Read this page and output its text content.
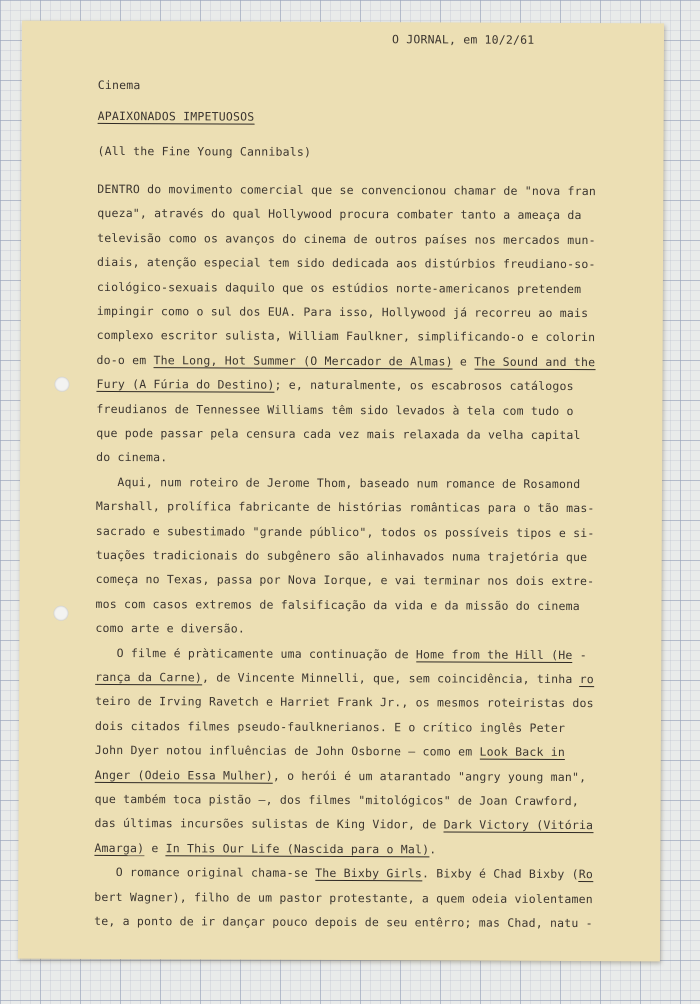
O JORNAL, em 10/2/61

Cinema

APAIXONADOS IMPETUOSOS

(All the Fine Young Cannibals)

DENTRO do movimento comercial que se convencionou chamar de "nova fran
queza", através do qual Hollywood procura combater tanto a ameaça da
televisão como os avanços do cinema de outros países nos mercados mun-
diais, atenção especial tem sido dedicada aos distúrbios freudiano-so-
ciológico-sexuais daquilo que os estúdios norte-americanos pretendem
impingir como o sul dos EUA. Para isso, Hollywood já recorreu ao mais
complexo escritor sulista, William Faulkner, simplificando-o e colorin
do-o em The Long, Hot Summer (O Mercador de Almas) e The Sound and the
Fury (A Fúria do Destino); e, naturalmente, os escabrosos catálogos
freudianos de Tennessee Williams têm sido levados à tela com tudo o
que pode passar pela censura cada vez mais relaxada da velha capital
do cinema.
Aqui, num roteiro de Jerome Thom, baseado num romance de Rosamond
Marshall, prolífica fabricante de histórias românticas para o tão mas-
sacrado e subestimado "grande público", todos os possíveis tipos e si-
tuações tradicionais do subgênero são alinhavados numa trajetória que
começa no Texas, passa por Nova Iorque, e vai terminar nos dois extre-
mos com casos extremos de falsificação da vida e da missão do cinema
como arte e diversão.
O filme é pràticamente uma continuação de Home from the Hill (He -
rança da Carne), de Vincente Minnelli, que, sem coincidência, tinha ro
teiro de Irving Ravetch e Harriet Frank Jr., os mesmos roteiristas dos
dois citados filmes pseudo-faulknerianos. E o crítico inglês Peter
John Dyer notou influências de John Osborne — como em Look Back in
Anger (Odeio Essa Mulher), o herói é um atarantado "angry young man",
que também toca pistão —, dos filmes "mitológicos" de Joan Crawford,
das últimas incursões sulistas de King Vidor, de Dark Victory (Vitória
Amarga) e In This Our Life (Nascida para o Mal).
O romance original chama-se The Bixby Girls. Bixby é Chad Bixby (Ro
bert Wagner), filho de um pastor protestante, a quem odeia violentamen
te, a ponto de ir dançar pouco depois de seu entêrro; mas Chad, natu -
